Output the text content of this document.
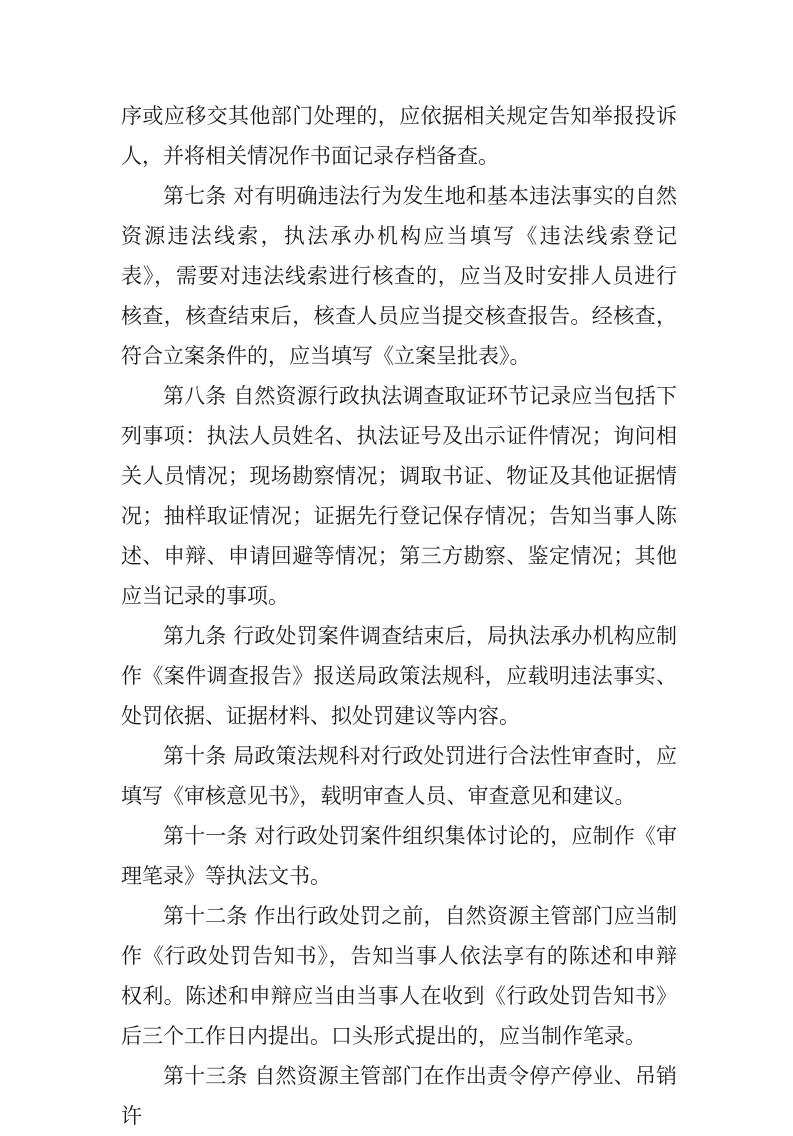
序或应移交其他部门处理的，应依据相关规定告知举报投诉人，并将相关情况作书面记录存档备查。

第七条 对有明确违法行为发生地和基本违法事实的自然资源违法线索，执法承办机构应当填写《违法线索登记表》，需要对违法线索进行核查的，应当及时安排人员进行核查，核查结束后，核查人员应当提交核查报告。经核查，符合立案条件的，应当填写《立案呈批表》。

第八条 自然资源行政执法调查取证环节记录应当包括下列事项：执法人员姓名、执法证号及出示证件情况；询问相关人员情况；现场勘察情况；调取书证、物证及其他证据情况；抽样取证情况；证据先行登记保存情况；告知当事人陈述、申辩、申请回避等情况；第三方勘察、鉴定情况；其他应当记录的事项。

第九条 行政处罚案件调查结束后，局执法承办机构应制作《案件调查报告》报送局政策法规科，应载明违法事实、处罚依据、证据材料、拟处罚建议等内容。

第十条 局政策法规科对行政处罚进行合法性审查时，应填写《审核意见书》，载明审查人员、审查意见和建议。

第十一条 对行政处罚案件组织集体讨论的，应制作《审理笔录》等执法文书。

第十二条 作出行政处罚之前，自然资源主管部门应当制作《行政处罚告知书》，告知当事人依法享有的陈述和申辩权利。陈述和申辩应当由当事人在收到《行政处罚告知书》后三个工作日内提出。口头形式提出的，应当制作笔录。

第十三条 自然资源主管部门在作出责令停产停业、吊销许
